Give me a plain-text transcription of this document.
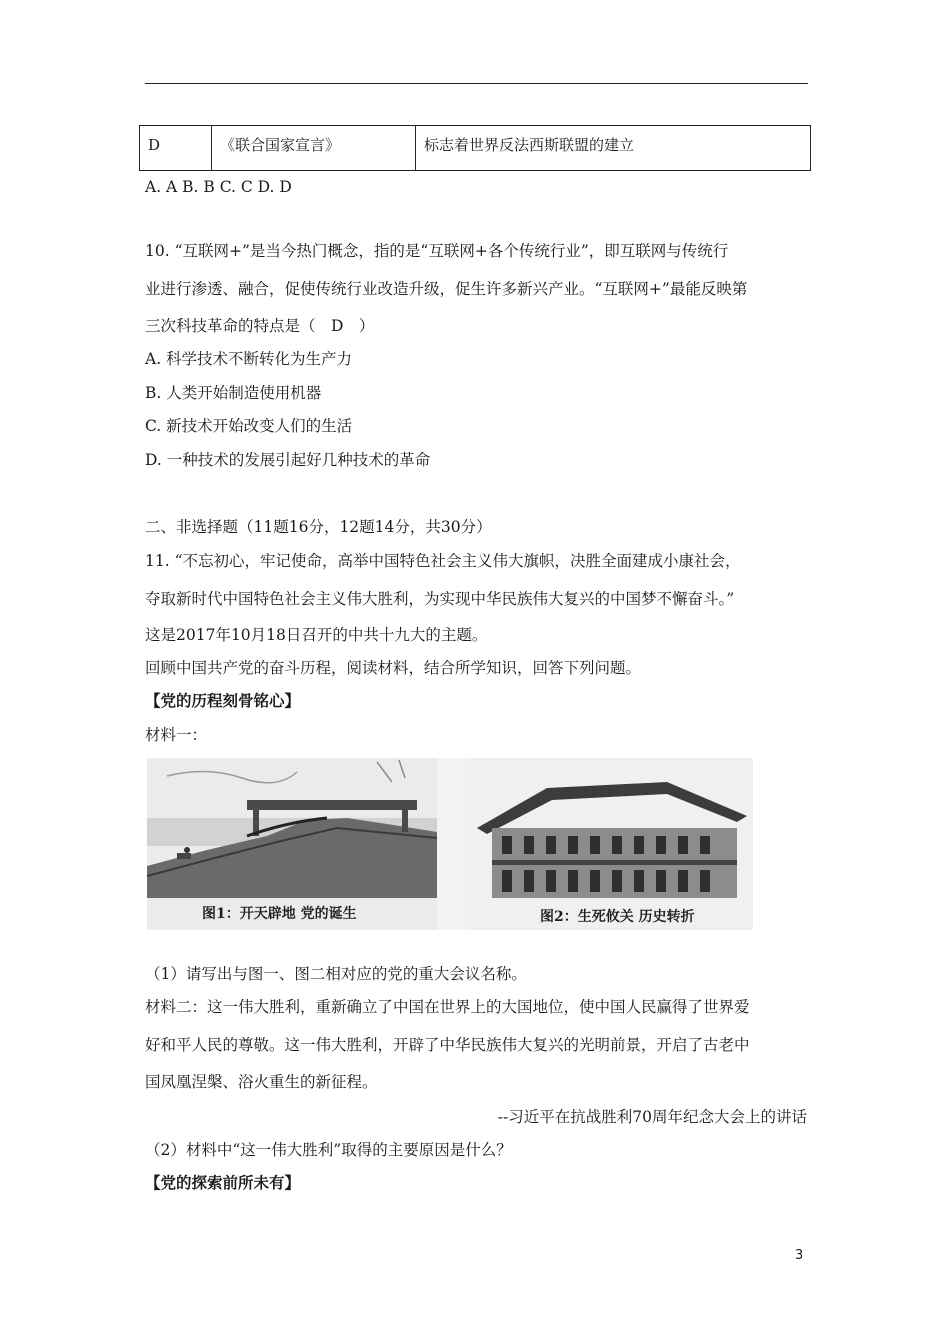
D	《联合国家宣言》	标志着世界反法西斯联盟的建立
A. A B. B C. C D. D
10. “互联网+”是当今热门概念，指的是“互联网+各个传统行业”，即互联网与传统行
业进行渗透、融合，促使传统行业改造升级，促生许多新兴产业。“互联网+”最能反映第
三次科技革命的特点是（　D　）
A. 科学技术不断转化为生产力
B. 人类开始制造使用机器
C. 新技术开始改变人们的生活
D. 一种技术的发展引起好几种技术的革命
二、非选择题（11题16分，12题14分，共30分）
11. “不忘初心，牢记使命，高举中国特色社会主义伟大旗帜，决胜全面建成小康社会，
夺取新时代中国特色社会主义伟大胜利，为实现中华民族伟大复兴的中国梦不懈奋斗。”
这是2017年10月18日召开的中共十九大的主题。
回顾中国共产党的奋斗历程，阅读材料，结合所学知识，回答下列问题。
【党的历程刻骨铭心】
材料一：
图1：开天辟地 党的诞生	图2：生死攸关 历史转折
（1）请写出与图一、图二相对应的党的重大会议名称。
材料二：这一伟大胜利，重新确立了中国在世界上的大国地位，使中国人民赢得了世界爱
好和平人民的尊敬。这一伟大胜利，开辟了中华民族伟大复兴的光明前景，开启了古老中
国凤凰涅槃、浴火重生的新征程。
--习近平在抗战胜利70周年纪念大会上的讲话
（2）材料中“这一伟大胜利”取得的主要原因是什么？
【党的探索前所未有】
3
